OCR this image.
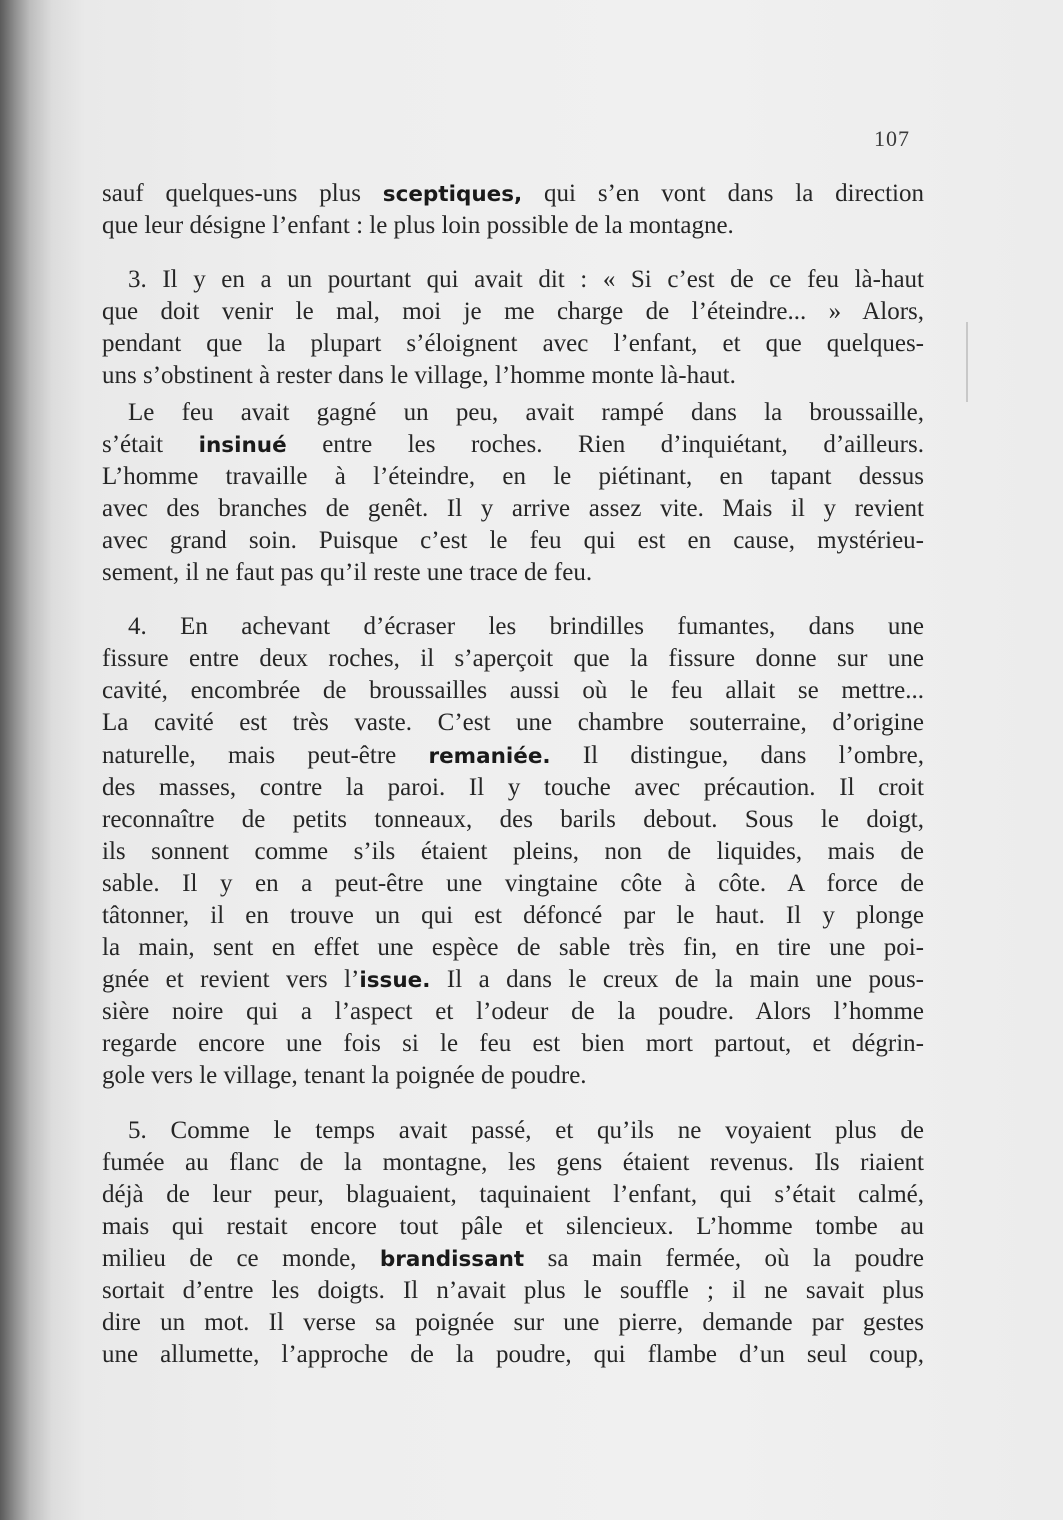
107
sauf quelques-uns plus sceptiques, qui s’en vont dans la direction
que leur désigne l’enfant : le plus loin possible de la montagne.
3. Il y en a un pourtant qui avait dit : « Si c’est de ce feu là-haut
que doit venir le mal, moi je me charge de l’éteindre... » Alors,
pendant que la plupart s’éloignent avec l’enfant, et que quelques-
uns s’obstinent à rester dans le village, l’homme monte là-haut.
Le feu avait gagné un peu, avait rampé dans la broussaille,
s’était insinué entre les roches. Rien d’inquiétant, d’ailleurs.
L’homme travaille à l’éteindre, en le piétinant, en tapant dessus
avec des branches de genêt. Il y arrive assez vite. Mais il y revient
avec grand soin. Puisque c’est le feu qui est en cause, mystérieu-
sement, il ne faut pas qu’il reste une trace de feu.
4. En achevant d’écraser les brindilles fumantes, dans une
fissure entre deux roches, il s’aperçoit que la fissure donne sur une
cavité, encombrée de broussailles aussi où le feu allait se mettre...
La cavité est très vaste. C’est une chambre souterraine, d’origine
naturelle, mais peut-être remaniée. Il distingue, dans l’ombre,
des masses, contre la paroi. Il y touche avec précaution. Il croit
reconnaître de petits tonneaux, des barils debout. Sous le doigt,
ils sonnent comme s’ils étaient pleins, non de liquides, mais de
sable. Il y en a peut-être une vingtaine côte à côte. A force de
tâtonner, il en trouve un qui est défoncé par le haut. Il y plonge
la main, sent en effet une espèce de sable très fin, en tire une poi-
gnée et revient vers l’issue. Il a dans le creux de la main une pous-
sière noire qui a l’aspect et l’odeur de la poudre. Alors l’homme
regarde encore une fois si le feu est bien mort partout, et dégrin-
gole vers le village, tenant la poignée de poudre.
5. Comme le temps avait passé, et qu’ils ne voyaient plus de
fumée au flanc de la montagne, les gens étaient revenus. Ils riaient
déjà de leur peur, blaguaient, taquinaient l’enfant, qui s’était calmé,
mais qui restait encore tout pâle et silencieux. L’homme tombe au
milieu de ce monde, brandissant sa main fermée, où la poudre
sortait d’entre les doigts. Il n’avait plus le souffle ; il ne savait plus
dire un mot. Il verse sa poignée sur une pierre, demande par gestes
une allumette, l’approche de la poudre, qui flambe d’un seul coup,
